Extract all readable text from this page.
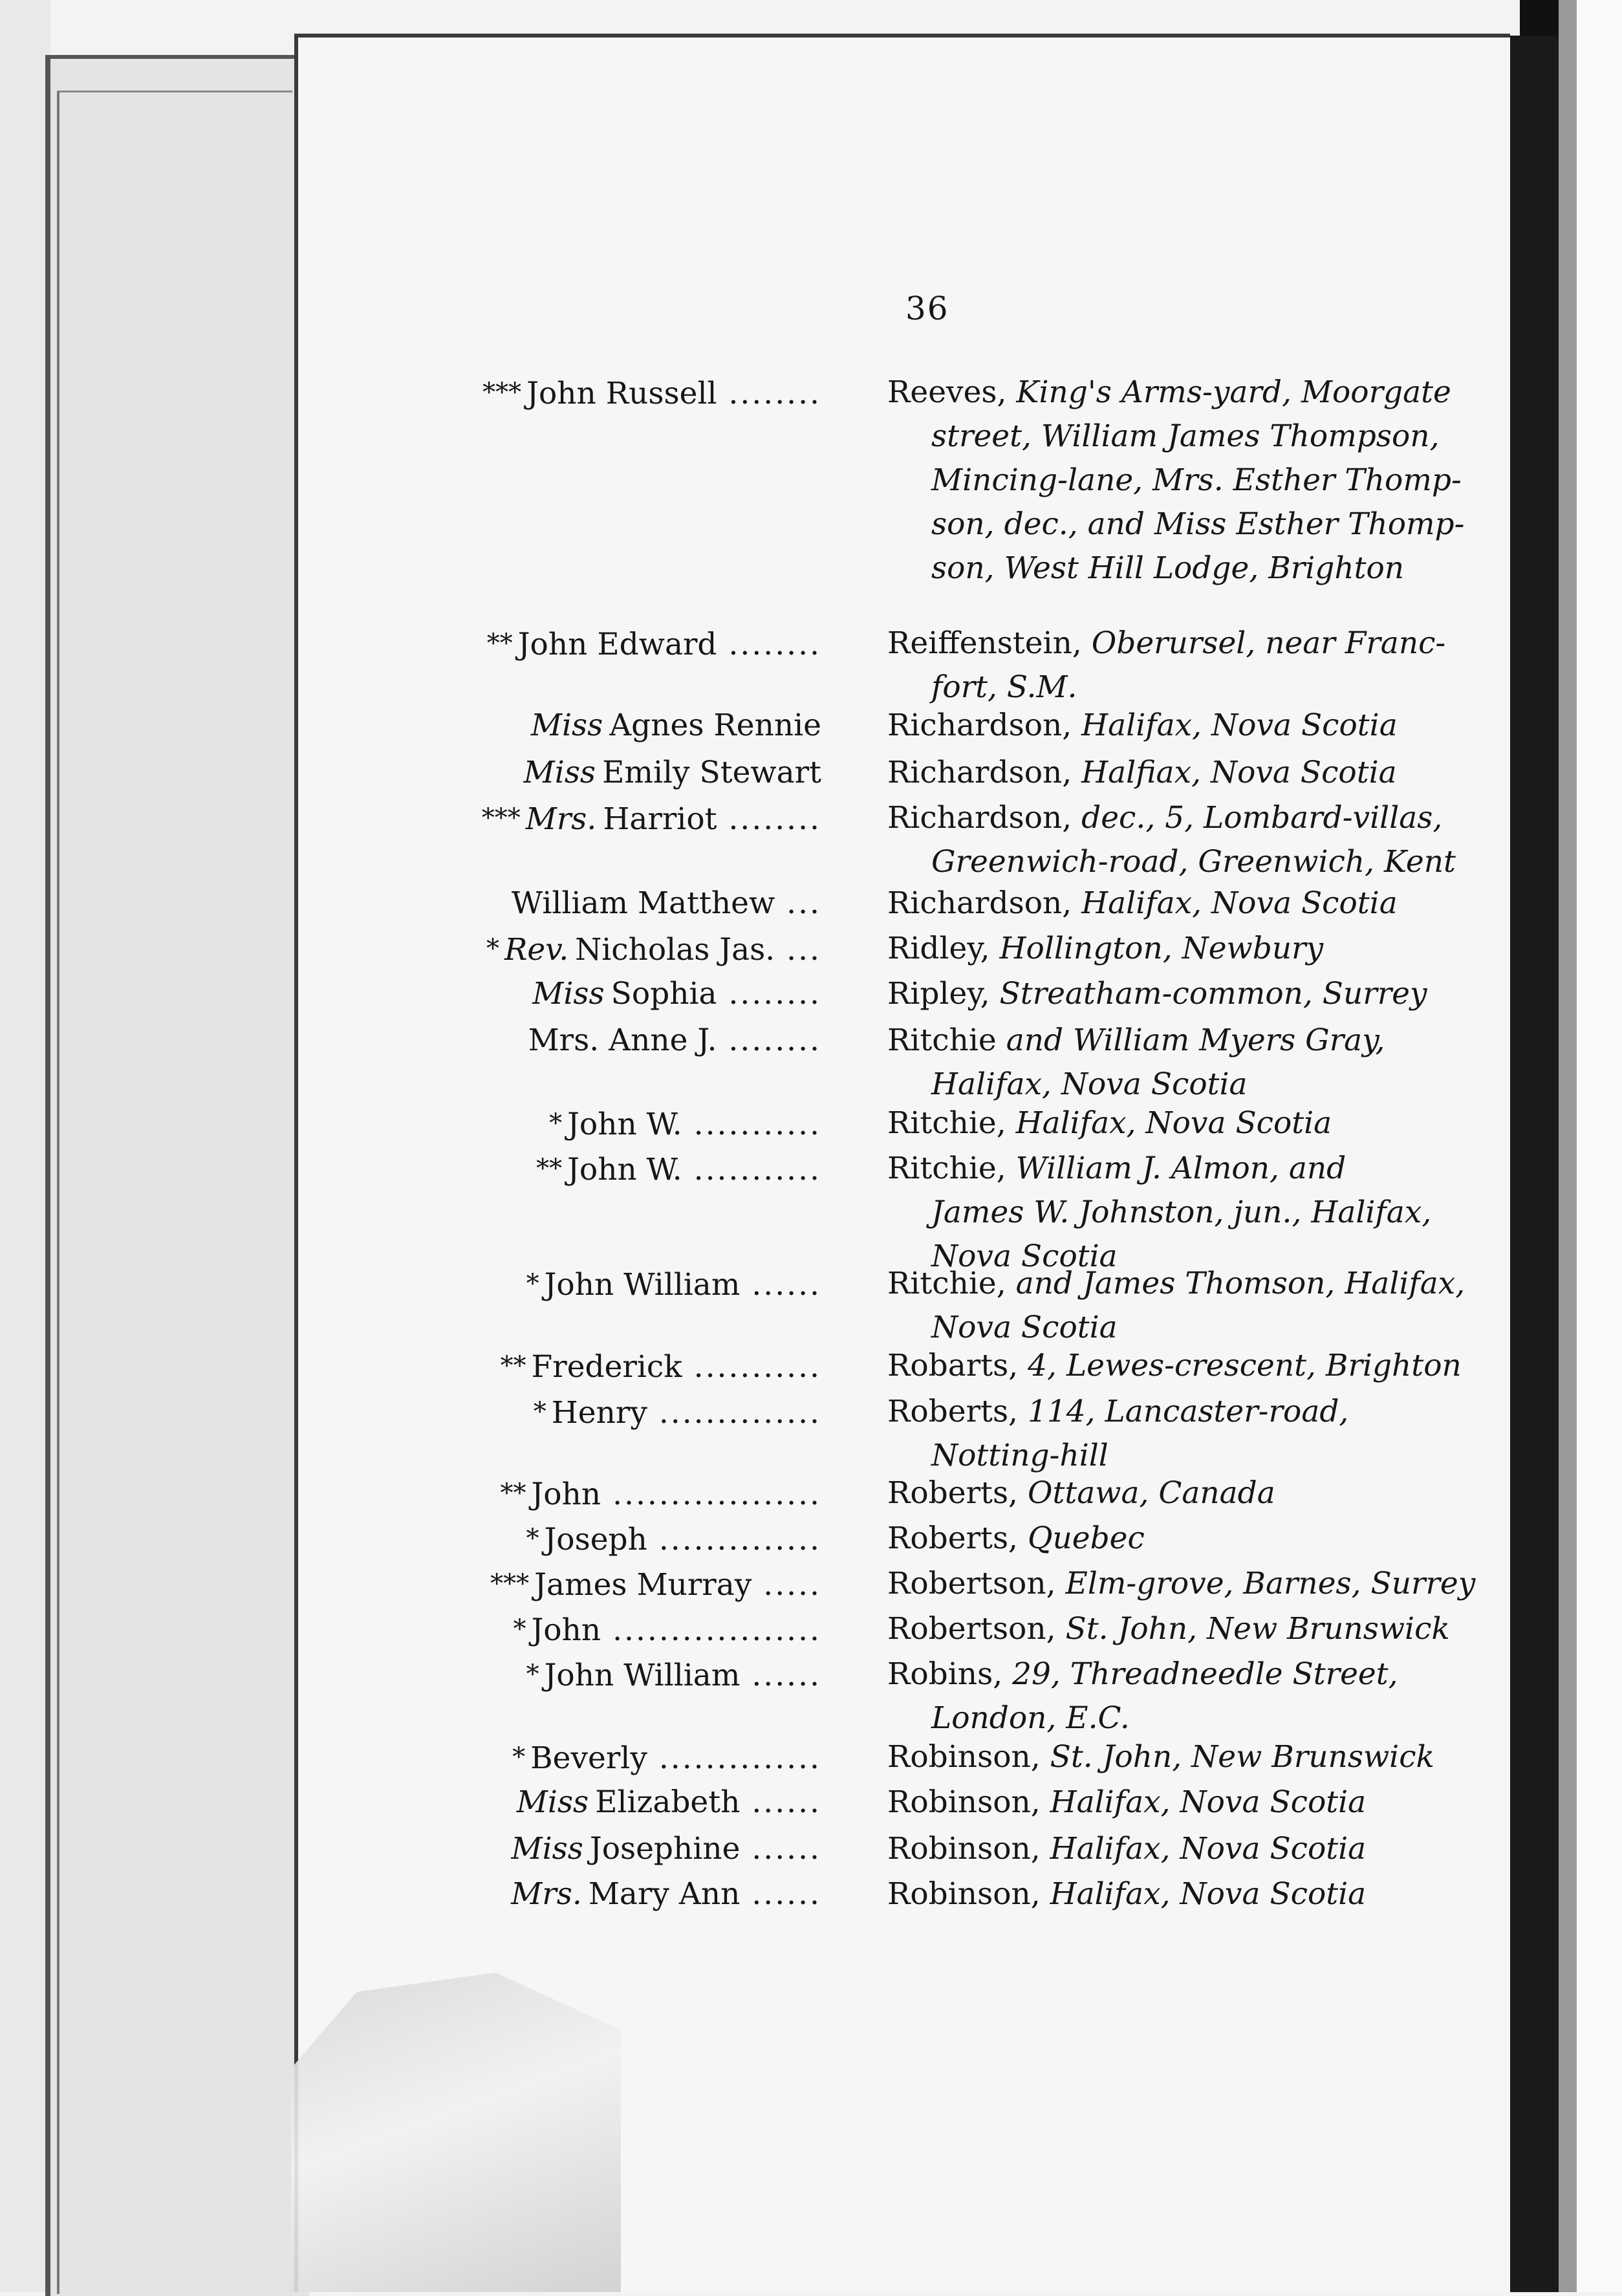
36
*** John Russell ........ Reeves, King's Arms-yard, Moorgate
street, William James Thompson,
Mincing-lane, Mrs. Esther Thomp-
son, dec., and Miss Esther Thomp-
son, West Hill Lodge, Brighton
** John Edward ........ Reiffenstein, Oberursel, near Franc-
fort, S.M.
Miss Agnes Rennie Richardson, Halifax, Nova Scotia
Miss Emily Stewart Richardson, Halfiax, Nova Scotia
*** Mrs. Harriot ........ Richardson, dec., 5, Lombard-villas,
Greenwich-road, Greenwich, Kent
William Matthew ... Richardson, Halifax, Nova Scotia
* Rev. Nicholas Jas. ... Ridley, Hollington, Newbury
Miss Sophia ........ Ripley, Streatham-common, Surrey
Mrs. Anne J. ........ Ritchie and William Myers Gray,
Halifax, Nova Scotia
* John W. ........... Ritchie, Halifax, Nova Scotia
** John W. ........... Ritchie, William J. Almon, and
James W. Johnston, jun., Halifax,
Nova Scotia
* John William ...... Ritchie, and James Thomson, Halifax,
Nova Scotia
** Frederick ........... Robarts, 4, Lewes-crescent, Brighton
* Henry .............. Roberts, 114, Lancaster-road,
Notting-hill
** John .................. Roberts, Ottawa, Canada
* Joseph .............. Roberts, Quebec
*** James Murray ..... Robertson, Elm-grove, Barnes, Surrey
* John .................. Robertson, St. John, New Brunswick
* John William ...... Robins, 29, Threadneedle Street,
London, E.C.
* Beverly .............. Robinson, St. John, New Brunswick
Miss Elizabeth ...... Robinson, Halifax, Nova Scotia
Miss Josephine ...... Robinson, Halifax, Nova Scotia
Mrs. Mary Ann ...... Robinson, Halifax, Nova Scotia
